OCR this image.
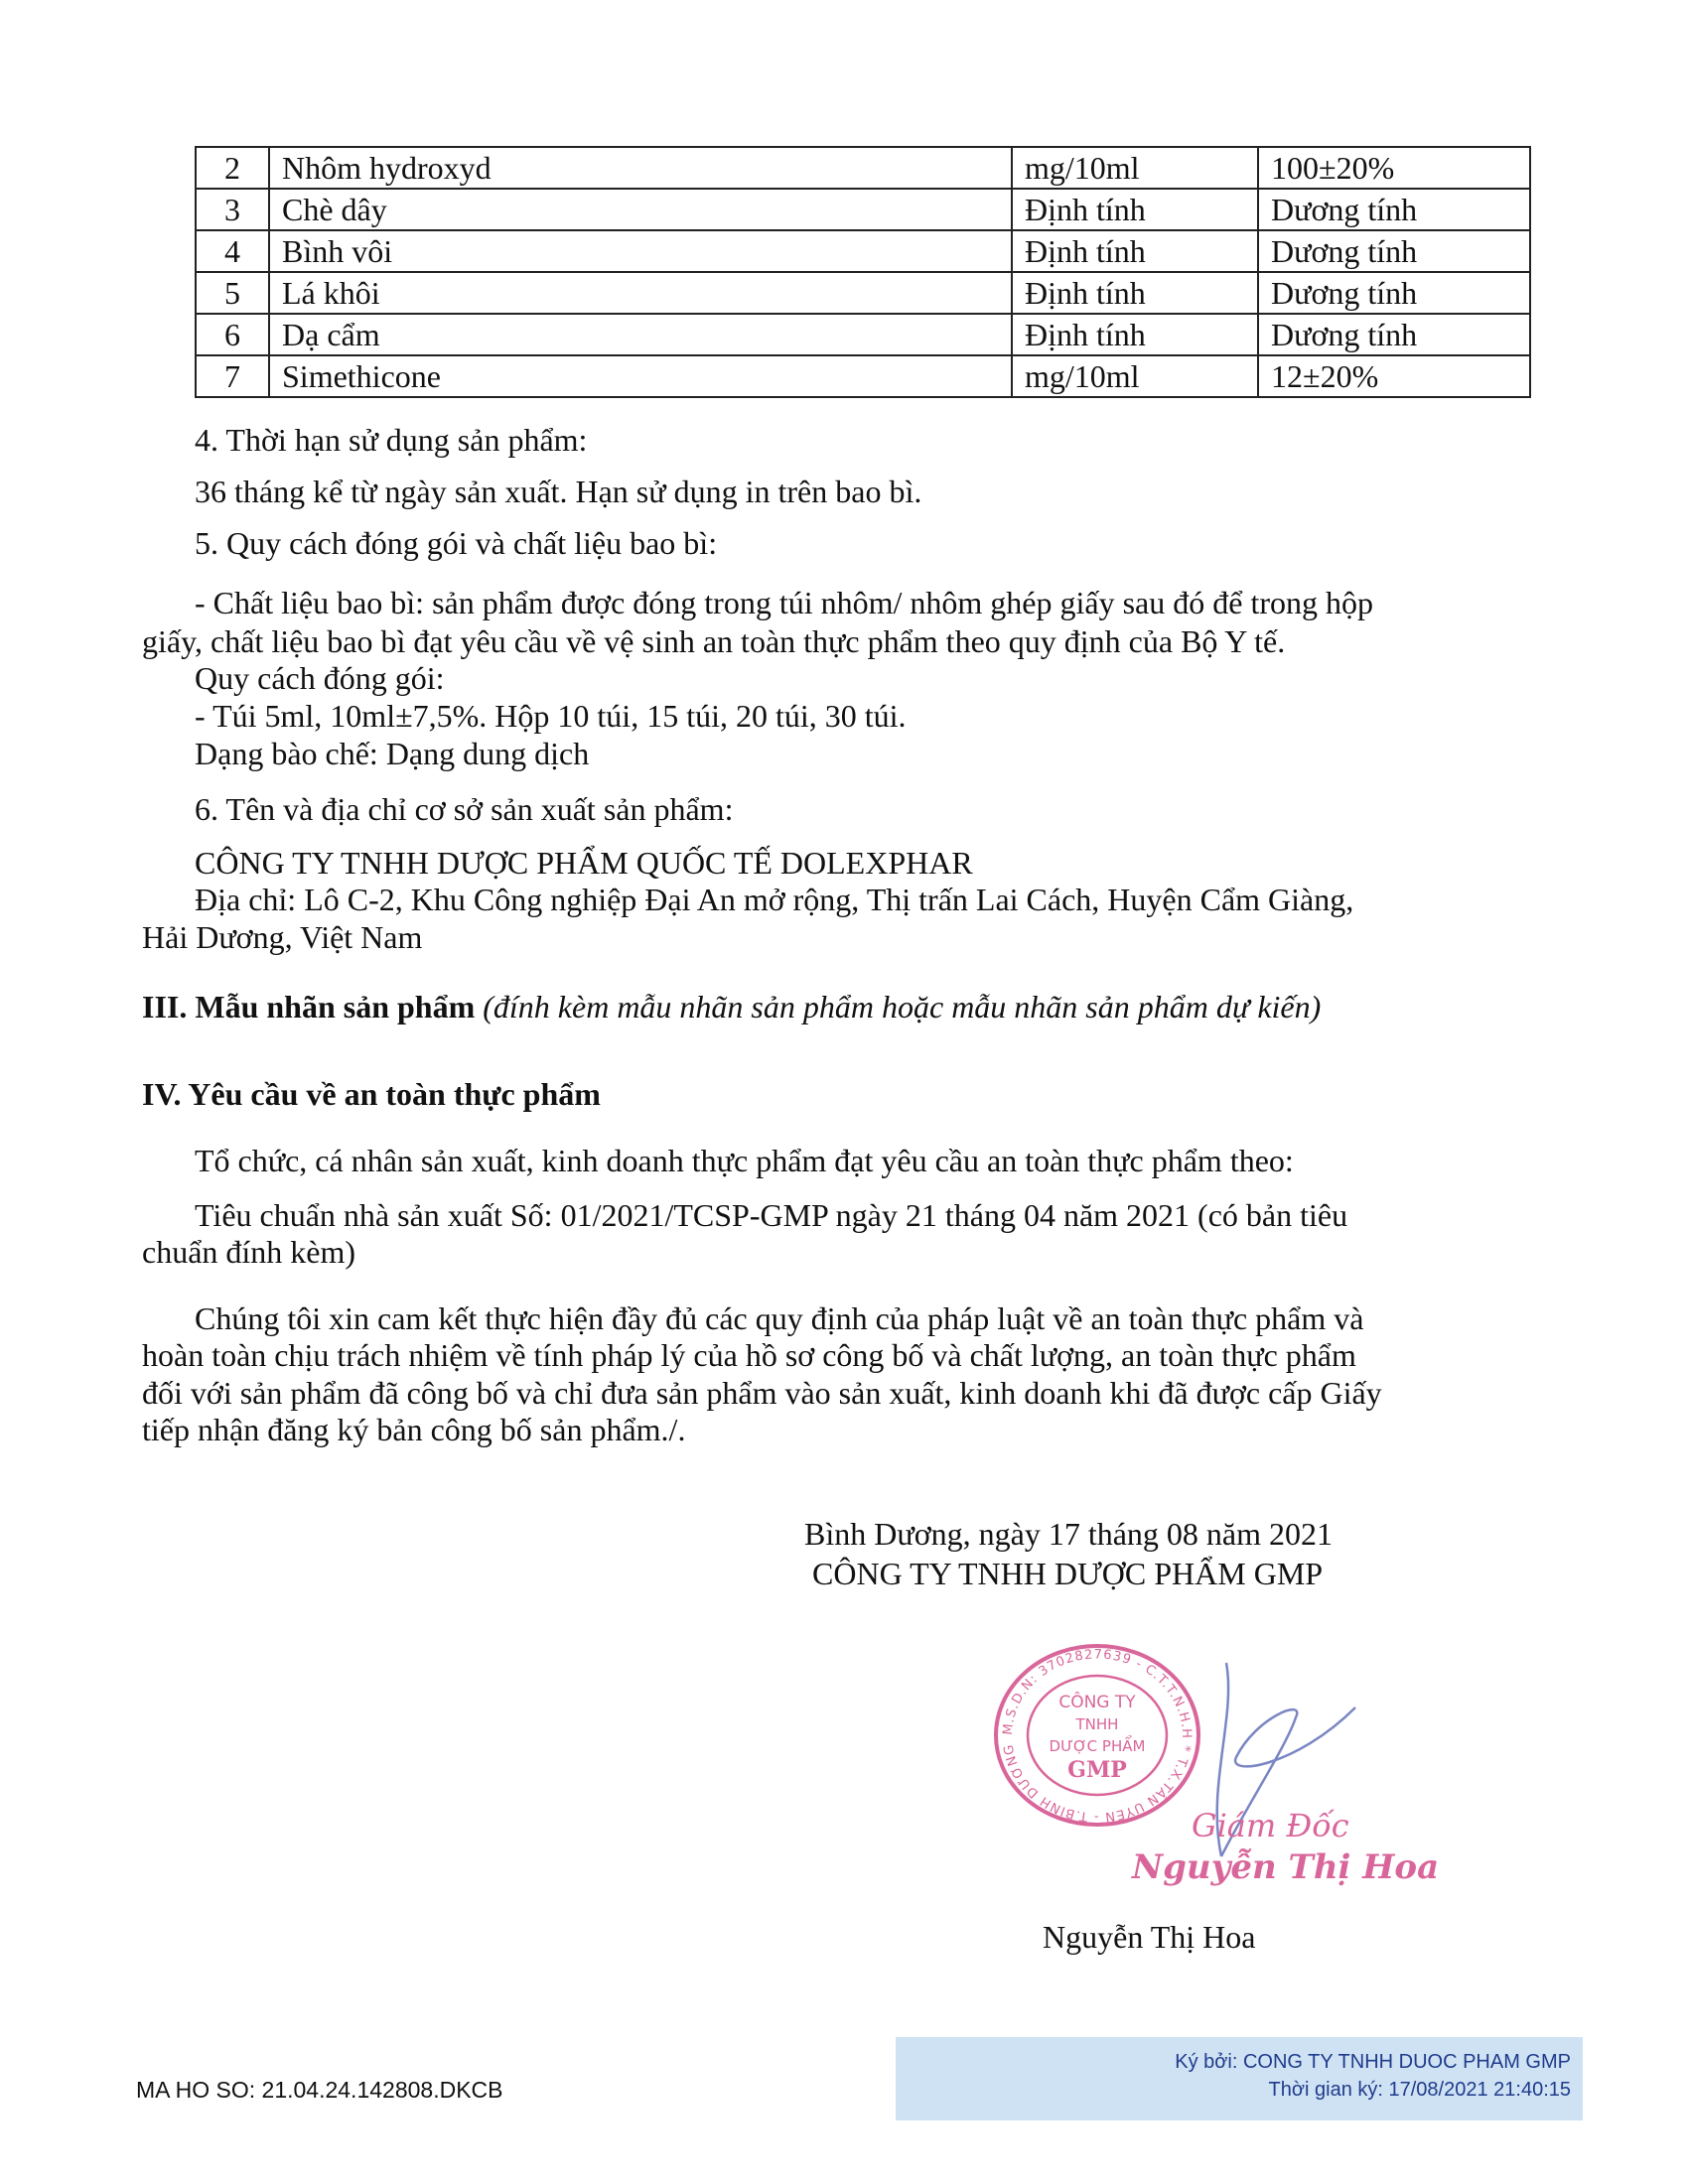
2	Nhôm hydroxyd	mg/10ml	100±20%
3	Chè dây	Định tính	Dương tính
4	Bình vôi	Định tính	Dương tính
5	Lá khôi	Định tính	Dương tính
6	Dạ cẩm	Định tính	Dương tính
7	Simethicone	mg/10ml	12±20%
4. Thời hạn sử dụng sản phẩm:
36 tháng kể từ ngày sản xuất. Hạn sử dụng in trên bao bì.
5. Quy cách đóng gói và chất liệu bao bì:
- Chất liệu bao bì: sản phẩm được đóng trong túi nhôm/ nhôm ghép giấy sau đó để trong hộp
giấy, chất liệu bao bì đạt yêu cầu về vệ sinh an toàn thực phẩm theo quy định của Bộ Y tế.
Quy cách đóng gói:
- Túi 5ml, 10ml±7,5%. Hộp 10 túi, 15 túi, 20 túi, 30 túi.
Dạng bào chế: Dạng dung dịch
6. Tên và địa chỉ cơ sở sản xuất sản phẩm:
CÔNG TY TNHH DƯỢC PHẨM QUỐC TẾ DOLEXPHAR
Địa chỉ: Lô C-2, Khu Công nghiệp Đại An mở rộng, Thị trấn Lai Cách, Huyện Cẩm Giàng,
Hải Dương, Việt Nam
III. Mẫu nhãn sản phẩm (đính kèm mẫu nhãn sản phẩm hoặc mẫu nhãn sản phẩm dự kiến)
IV. Yêu cầu về an toàn thực phẩm
Tổ chức, cá nhân sản xuất, kinh doanh thực phẩm đạt yêu cầu an toàn thực phẩm theo:
Tiêu chuẩn nhà sản xuất Số: 01/2021/TCSP-GMP ngày 21 tháng 04 năm 2021 (có bản tiêu
chuẩn đính kèm)
Chúng tôi xin cam kết thực hiện đầy đủ các quy định của pháp luật về an toàn thực phẩm và
hoàn toàn chịu trách nhiệm về tính pháp lý của hồ sơ công bố và chất lượng, an toàn thực phẩm
đối với sản phẩm đã công bố và chỉ đưa sản phẩm vào sản xuất, kinh doanh khi đã được cấp Giấy
tiếp nhận đăng ký bản công bố sản phẩm./.
Bình Dương, ngày 17 tháng 08 năm 2021
CÔNG TY TNHH DƯỢC PHẨM GMP
M.S.D.N: 3702827639 - C.T.T.N.H.H * T.X.TÂN UYÊN - T.BÌNH DƯƠNG
CÔNG TY
TNHH
DƯỢC PHẨM
GMP
Giám Đốc
Nguyễn Thị Hoa
Nguyễn Thị Hoa
Ký bởi: CONG TY TNHH DUOC PHAM GMP
Thời gian ký: 17/08/2021 21:40:15
MA HO SO: 21.04.24.142808.DKCB
